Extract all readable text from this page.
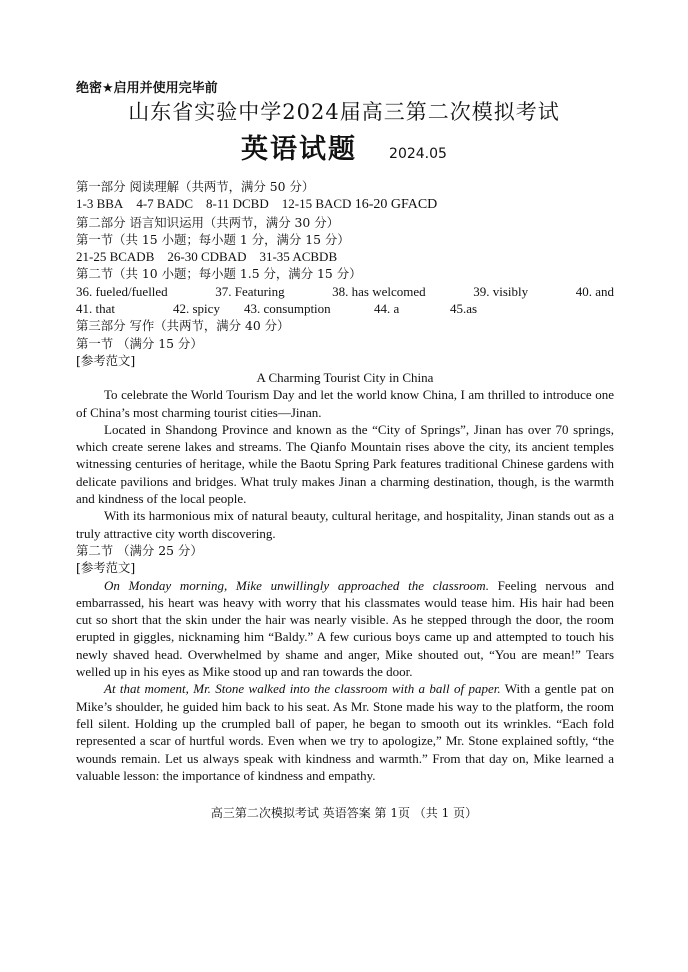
绝密★启用并使用完毕前
山东省实验中学2024届高三第二次模拟考试
英语试题 2024.05
第一部分 阅读理解（共两节，满分 50 分）
1-3 BBA 4-7 BADC 8-11 DCBD 12-15 BACD 16-20 GFACD
第二部分 语言知识运用（共两节，满分 30 分）
第一节（共 15 小题；每小题 1 分，满分 15 分）
21-25 BCADB 26-30 CDBAD 31-35 ACBDB
第二节（共 10 小题；每小题 1.5 分，满分 15 分）
36. fueled/fuelled	37. Featuring	38. has welcomed	39. visibly	40. and
41. that	42. spicy 43. consumption	44. a	45.as
第三部分 写作（共两节，满分 40 分）
第一节 （满分 15 分）
[参考范文]
A Charming Tourist City in China

To celebrate the World Tourism Day and let the world know China, I am thrilled to introduce one of China’s most charming tourist cities—Jinan.

Located in Shandong Province and known as the “City of Springs”, Jinan has over 70 springs, which create serene lakes and streams. The Qianfo Mountain rises above the city, its ancient temples witnessing centuries of heritage, while the Baotu Spring Park features traditional Chinese gardens with delicate pavilions and bridges. What truly makes Jinan a charming destination, though, is the warmth and kindness of the local people.

With its harmonious mix of natural beauty, cultural heritage, and hospitality, Jinan stands out as a truly attractive city worth discovering.

第二节 （满分 25 分）
[参考范文]

On Monday morning, Mike unwillingly approached the classroom. Feeling nervous and embarrassed, his heart was heavy with worry that his classmates would tease him. His hair had been cut so short that the skin under the hair was nearly visible. As he stepped through the door, the room erupted in giggles, nicknaming him “Baldy.” A few curious boys came up and attempted to touch his newly shaved head. Overwhelmed by shame and anger, Mike shouted out, “You are mean!” Tears welled up in his eyes as Mike stood up and ran towards the door.

At that moment, Mr. Stone walked into the classroom with a ball of paper. With a gentle pat on Mike’s shoulder, he guided him back to his seat. As Mr. Stone made his way to the platform, the room fell silent. Holding up the crumpled ball of paper, he began to smooth out its wrinkles. “Each fold represented a scar of hurtful words. Even when we try to apologize,” Mr. Stone explained softly, “the wounds remain. Let us always speak with kindness and warmth.” From that day on, Mike learned a valuable lesson: the importance of kindness and empathy.

高三第二次模拟考试 英语答案 第 1页 （共 1 页）
